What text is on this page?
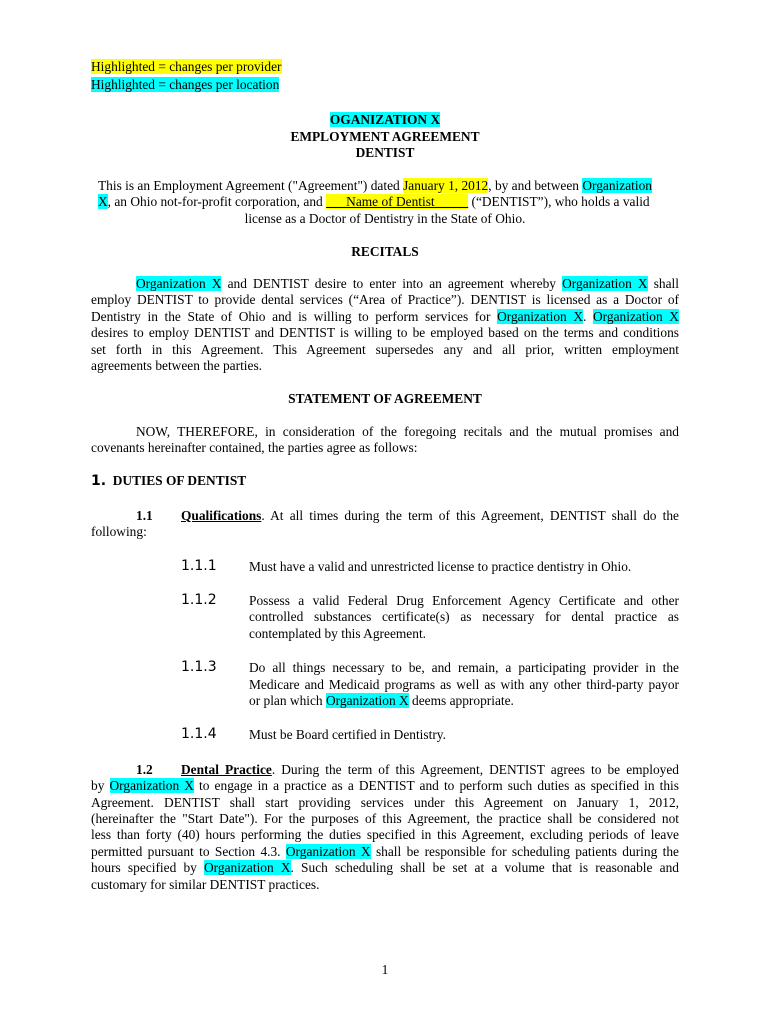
Highlighted = changes per provider
Highlighted = changes per location
OGANIZATION X
EMPLOYMENT AGREEMENT
DENTIST
This is an Employment Agreement ("Agreement") dated January 1, 2012, by and between Organization
X, an Ohio not-for-profit corporation, and ___Name of Dentist_____ (“DENTIST”), who holds a valid
license as a Doctor of Dentistry in the State of Ohio.
RECITALS
Organization X and DENTIST desire to enter into an agreement whereby Organization X shall
employ DENTIST to provide dental services (“Area of Practice”). DENTIST is licensed as a Doctor of
Dentistry in the State of Ohio and is willing to perform services for Organization X. Organization X
desires to employ DENTIST and DENTIST is willing to be employed based on the terms and conditions
set forth in this Agreement. This Agreement supersedes any and all prior, written employment
agreements between the parties.
STATEMENT OF AGREEMENT
NOW, THEREFORE, in consideration of the foregoing recitals and the mutual promises and
covenants hereinafter contained, the parties agree as follows:
1. DUTIES OF DENTIST
1.1 Qualifications. At all times during the term of this Agreement, DENTIST shall do the
following:
1.1.1 Must have a valid and unrestricted license to practice dentistry in Ohio.
1.1.2 Possess a valid Federal Drug Enforcement Agency Certificate and other
controlled substances certificate(s) as necessary for dental practice as
contemplated by this Agreement.
1.1.3 Do all things necessary to be, and remain, a participating provider in the
Medicare and Medicaid programs as well as with any other third-party payor
or plan which Organization X deems appropriate.
1.1.4 Must be Board certified in Dentistry.
1.2 Dental Practice. During the term of this Agreement, DENTIST agrees to be employed
by Organization X to engage in a practice as a DENTIST and to perform such duties as specified in this
Agreement. DENTIST shall start providing services under this Agreement on January 1, 2012,
(hereinafter the "Start Date"). For the purposes of this Agreement, the practice shall be considered not
less than forty (40) hours performing the duties specified in this Agreement, excluding periods of leave
permitted pursuant to Section 4.3. Organization X shall be responsible for scheduling patients during the
hours specified by Organization X. Such scheduling shall be set at a volume that is reasonable and
customary for similar DENTIST practices.
1
